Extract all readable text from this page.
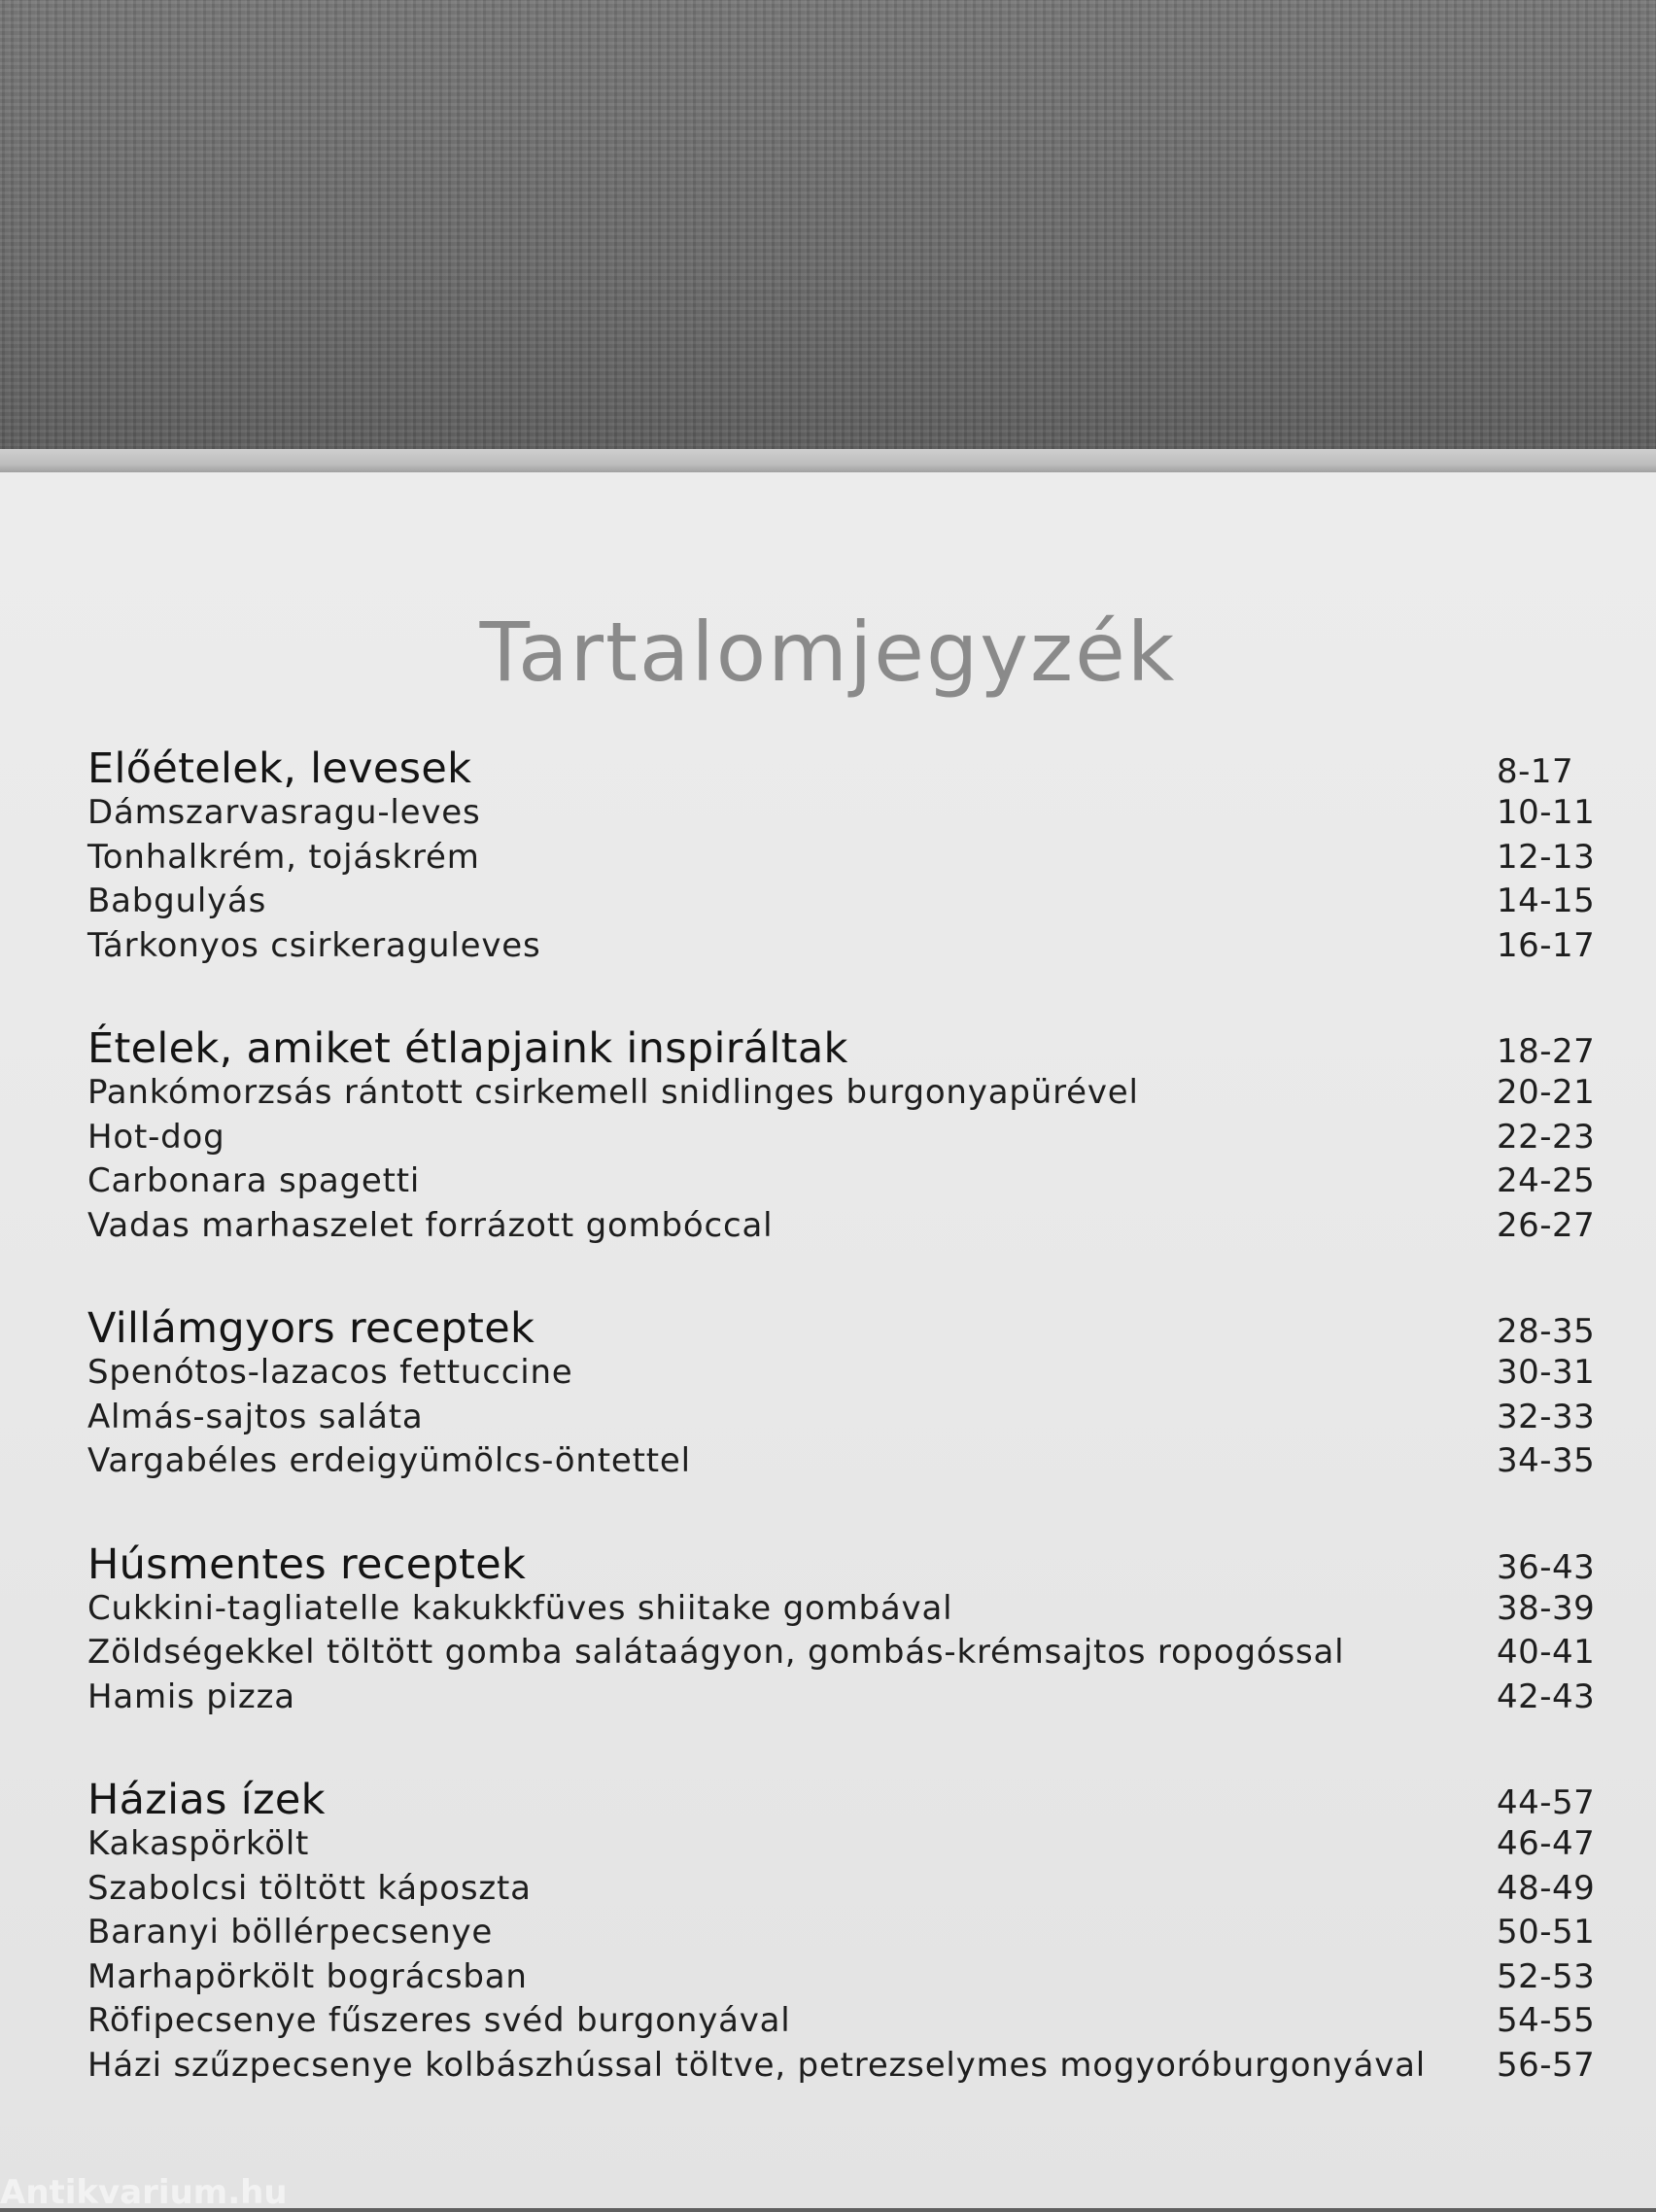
Tartalomjegyzék
Előételek, levesek	8-17
Dámszarvasragu-leves	10-11
Tonhalkrém, tojáskrém	12-13
Babgulyás	14-15
Tárkonyos csirkeraguleves	16-17
Ételek, amiket étlapjaink inspiráltak	18-27
Pankómorzsás rántott csirkemell snidlinges burgonyapürével	20-21
Hot-dog	22-23
Carbonara spagetti	24-25
Vadas marhaszelet forrázott gombóccal	26-27
Villámgyors receptek	28-35
Spenótos-lazacos fettuccine	30-31
Almás-sajtos saláta	32-33
Vargabéles erdeigyümölcs-öntettel	34-35
Húsmentes receptek	36-43
Cukkini-tagliatelle kakukkfüves shiitake gombával	38-39
Zöldségekkel töltött gomba salátaágyon, gombás-krémsajtos ropogóssal	40-41
Hamis pizza	42-43
Házias ízek	44-57
Kakaspörkölt	46-47
Szabolcsi töltött káposzta	48-49
Baranyi böllérpecsenye	50-51
Marhapörkölt bográcsban	52-53
Röfipecsenye fűszeres svéd burgonyával	54-55
Házi szűzpecsenye kolbászhússal töltve, petrezselymes mogyoróburgonyával 56-57
Antikvarium.hu
